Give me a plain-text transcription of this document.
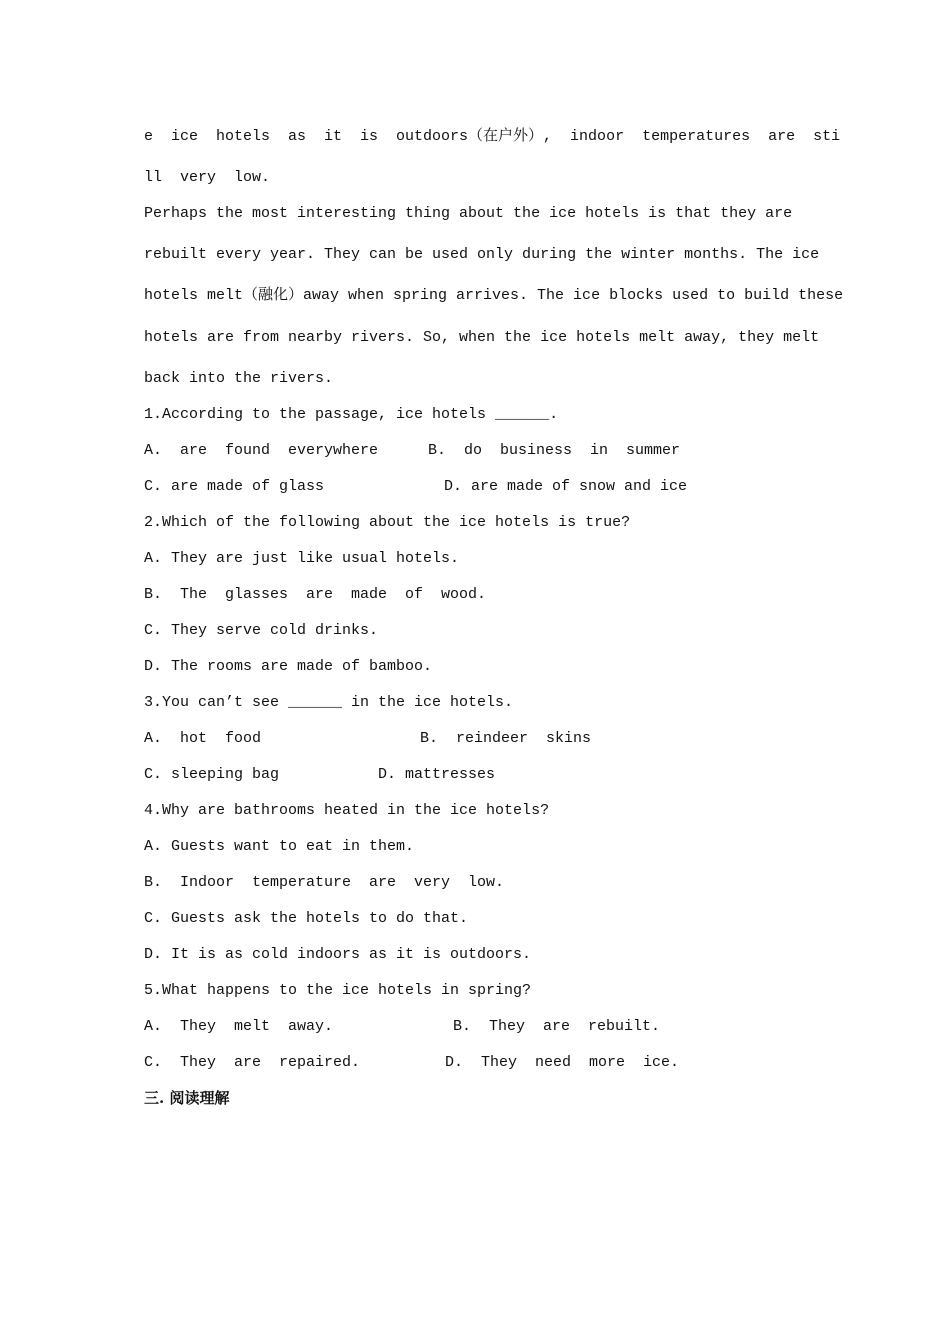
e  ice  hotels  as  it  is  outdoors（在户外）,  indoor  temperatures  are  sti
ll  very  low.
Perhaps the most interesting thing about the ice hotels is that they are
rebuilt every year. They can be used only during the winter months. The ice
hotels melt（融化）away when spring arrives. The ice blocks used to build these
hotels are from nearby rivers. So, when the ice hotels melt away, they melt
back into the rivers.
1.According to the passage, ice hotels ______.
A.  are  found  everywhere	B.  do  business  in  summer
C. are made of glass	D. are made of snow and ice
2.Which of the following about the ice hotels is true?
A. They are just like usual hotels.
B.  The  glasses  are  made  of  wood.
C. They serve cold drinks.
D. The rooms are made of bamboo.
3.You can’t see ______ in the ice hotels.
A.  hot  food	B.  reindeer  skins
C. sleeping bag	D. mattresses
4.Why are bathrooms heated in the ice hotels?
A. Guests want to eat in them.
B.  Indoor  temperature  are  very  low.
C. Guests ask the hotels to do that.
D. It is as cold indoors as it is outdoors.
5.What happens to the ice hotels in spring?
A.  They  melt  away.	B.  They  are  rebuilt.
C.  They  are  repaired.	D.  They  need  more  ice.
三. 阅读理解
